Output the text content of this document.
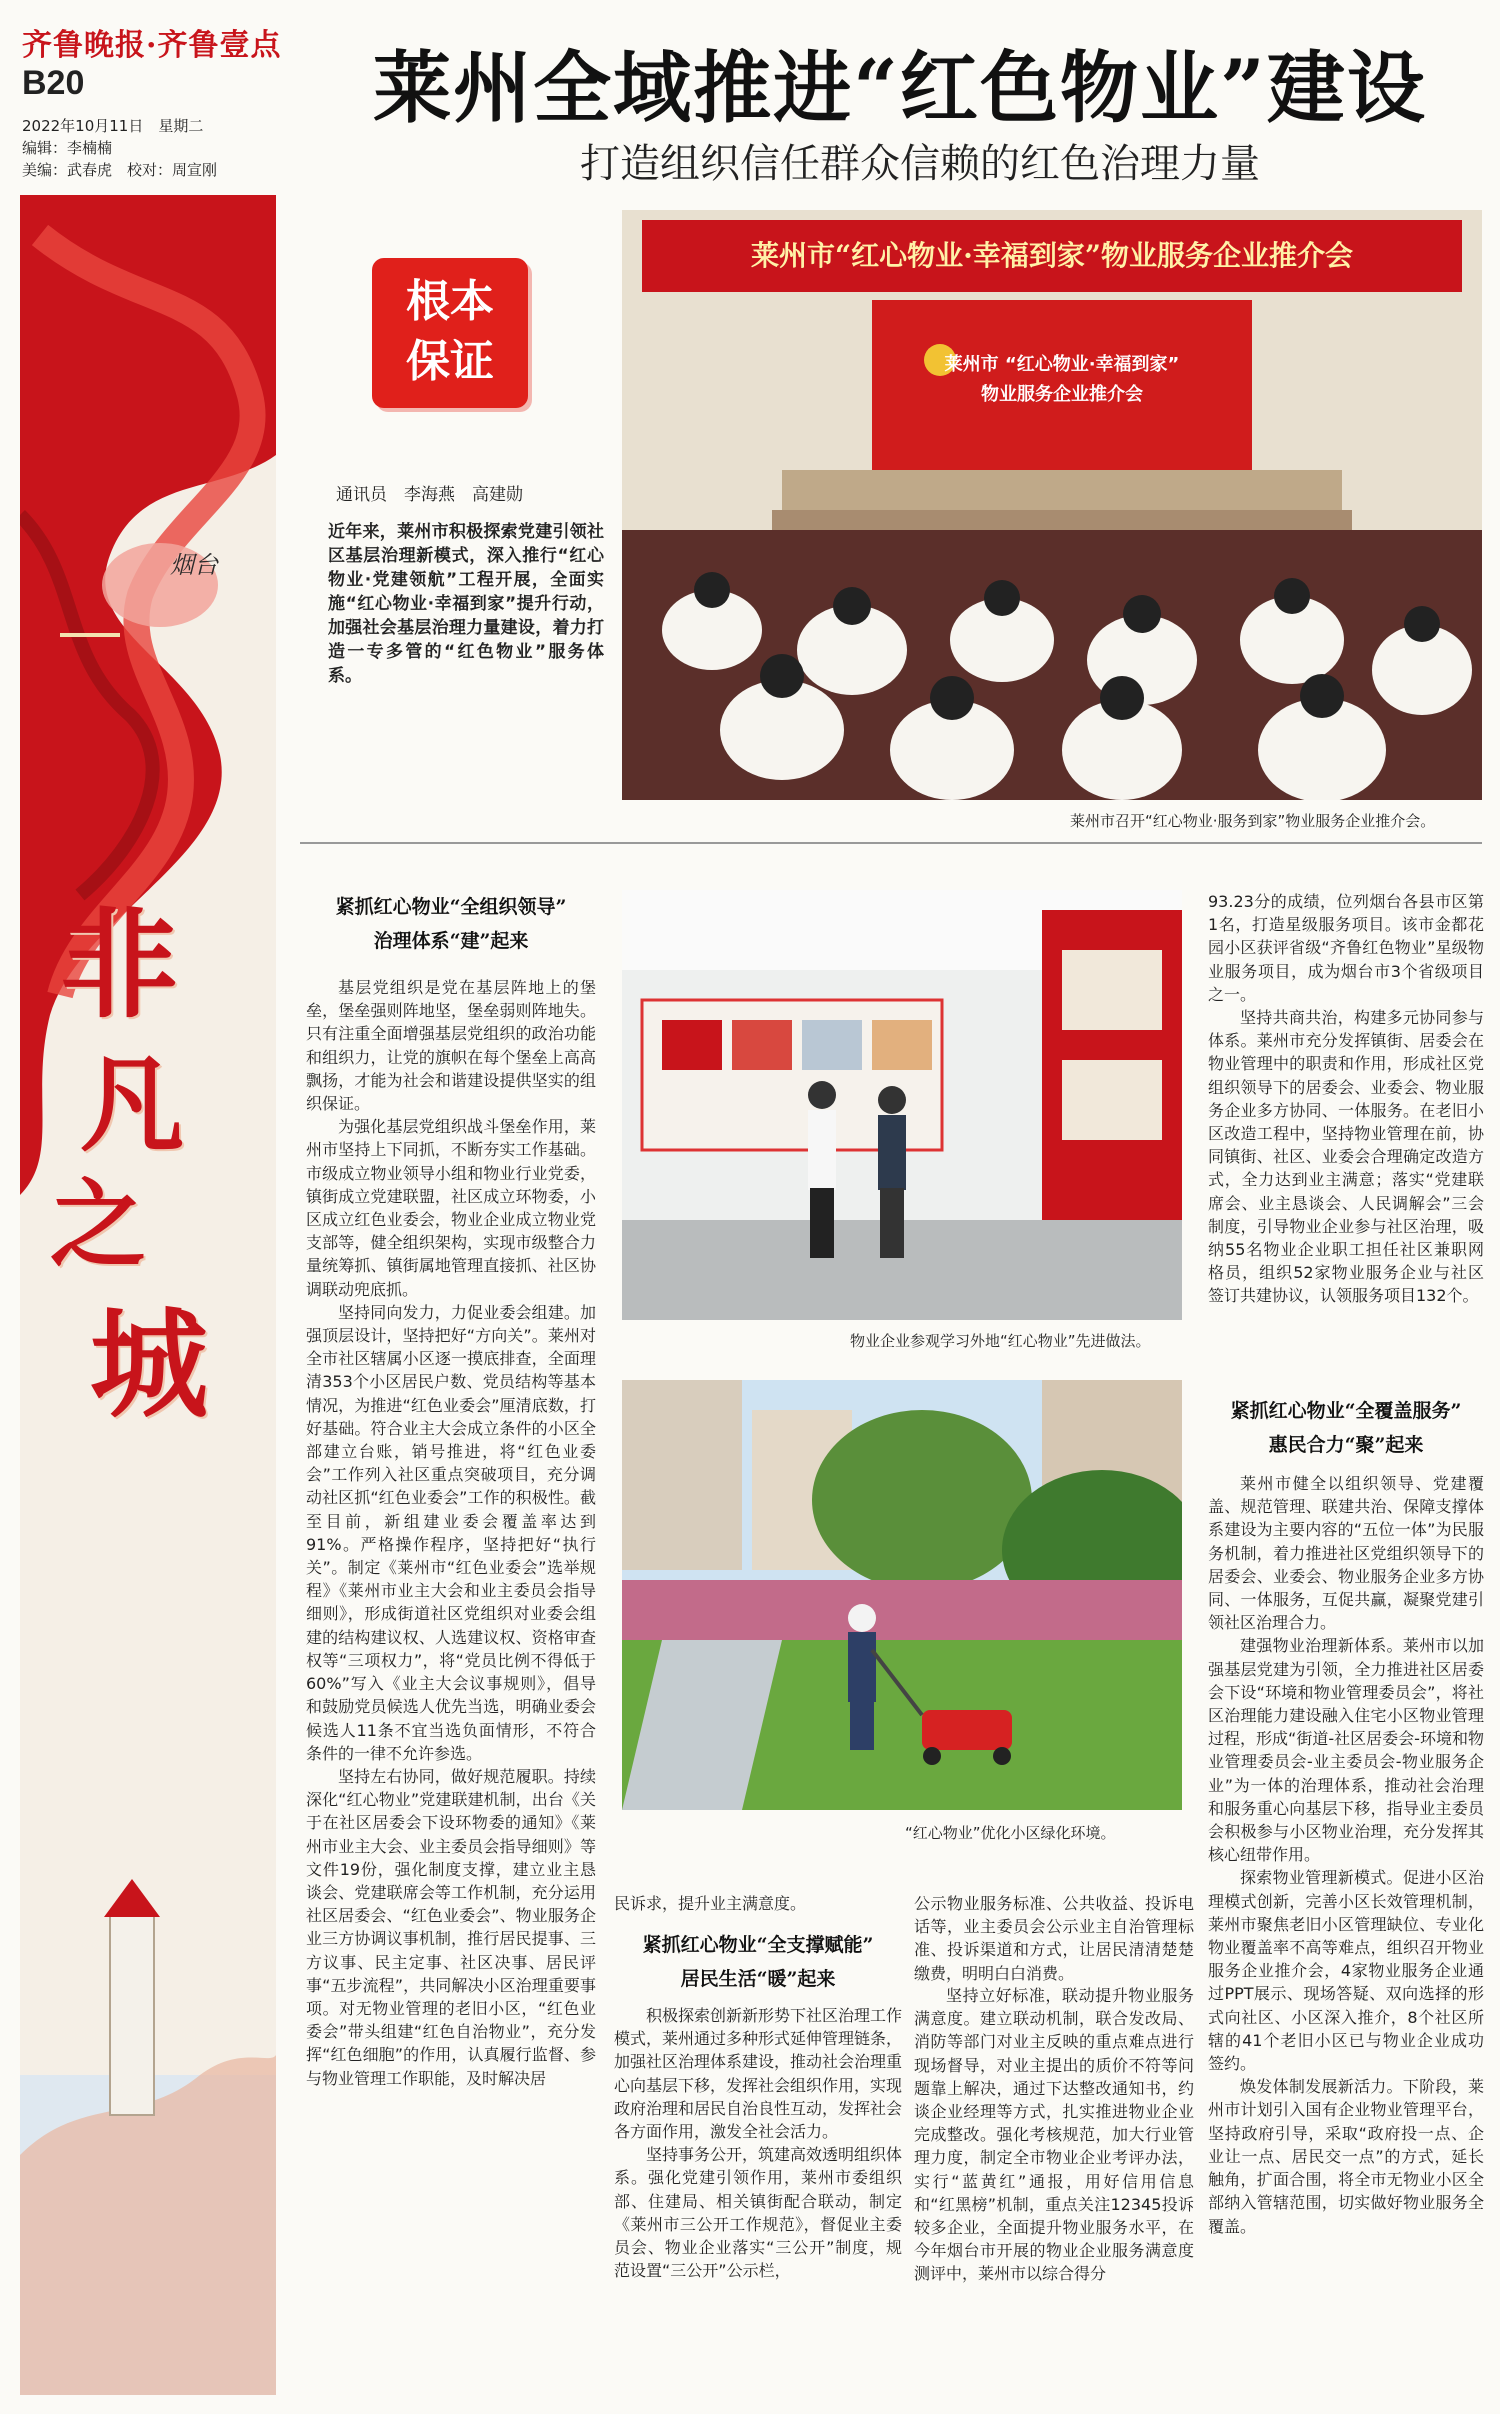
齐鲁晚报·齐鲁壹点
B20
2022年10月11日　星期二
编辑：李楠楠
美编：武春虎　校对：周宣刚
莱州全域推进“红色物业”建设
打造组织信任群众信赖的红色治理力量
烟台
非
凡
之
城
根本
保证
通讯员　李海燕　高建勋
近年来，莱州市积极探索党建引领社区基层治理新模式，深入推行“红心物业·党建领航”工程开展，全面实施“红心物业·幸福到家”提升行动，加强社会基层治理力量建设，着力打造一专多管的“红色物业”服务体系。
莱州市“红心物业·幸福到家”物业服务企业推介会
莱州市 “红心物业·幸福到家”
物业服务企业推介会
莱州市召开“红心物业·服务到家”物业服务企业推介会。
物业企业参观学习外地“红心物业”先进做法。
“红心物业”优化小区绿化环境。
紧抓红心物业“全组织领导”
治理体系“建”起来

基层党组织是党在基层阵地上的堡垒，堡垒强则阵地坚，堡垒弱则阵地失。只有注重全面增强基层党组织的政治功能和组织力，让党的旗帜在每个堡垒上高高飘扬，才能为社会和谐建设提供坚实的组织保证。

为强化基层党组织战斗堡垒作用，莱州市坚持上下同抓，不断夯实工作基础。市级成立物业领导小组和物业行业党委，镇街成立党建联盟，社区成立环物委，小区成立红色业委会，物业企业成立物业党支部等，健全组织架构，实现市级整合力量统筹抓、镇街属地管理直接抓、社区协调联动兜底抓。

坚持同向发力，力促业委会组建。加强顶层设计，坚持把好“方向关”。莱州对全市社区辖属小区逐一摸底排查，全面理清353个小区居民户数、党员结构等基本情况，为推进“红色业委会”厘清底数，打好基础。符合业主大会成立条件的小区全部建立台账，销号推进，将“红色业委会”工作列入社区重点突破项目，充分调动社区抓“红色业委会”工作的积极性。截至目前，新组建业委会覆盖率达到91%。严格操作程序，坚持把好“执行关”。制定《莱州市“红色业委会”选举规程》《莱州市业主大会和业主委员会指导细则》，形成街道社区党组织对业委会组建的结构建议权、人选建议权、资格审查权等“三项权力”，将“党员比例不得低于60%”写入《业主大会议事规则》，倡导和鼓励党员候选人优先当选，明确业委会候选人11条不宜当选负面情形，不符合条件的一律不允许参选。

坚持左右协同，做好规范履职。持续深化“红心物业”党建联建机制，出台《关于在社区居委会下设环物委的通知》《莱州市业主大会、业主委员会指导细则》等文件19份，强化制度支撑，建立业主恳谈会、党建联席会等工作机制，充分运用社区居委会、“红色业委会”、物业服务企业三方协调议事机制，推行居民提事、三方议事、民主定事、社区决事、居民评事“五步流程”，共同解决小区治理重要事项。对无物业管理的老旧小区，“红色业委会”带头组建“红色自治物业”，充分发挥“红色细胞”的作用，认真履行监督、参与物业管理工作职能，及时解决居

民诉求，提升业主满意度。
紧抓红心物业“全支撑赋能”
居民生活“暖”起来

积极探索创新新形势下社区治理工作模式，莱州通过多种形式延伸管理链条，加强社区治理体系建设，推动社会治理重心向基层下移，发挥社会组织作用，实现政府治理和居民自治良性互动，发挥社会各方面作用，激发全社会活力。

坚持事务公开，筑建高效透明组织体系。强化党建引领作用，莱州市委组织部、住建局、相关镇街配合联动，制定《莱州市三公开工作规范》，督促业主委员会、物业企业落实“三公开”制度，规范设置“三公开”公示栏，

公示物业服务标准、公共收益、投诉电话等，业主委员会公示业主自治管理标准、投诉渠道和方式，让居民清清楚楚缴费，明明白白消费。

坚持立好标准，联动提升物业服务满意度。建立联动机制，联合发改局、消防等部门对业主反映的重点难点进行现场督导，对业主提出的质价不符等问题靠上解决，通过下达整改通知书，约谈企业经理等方式，扎实推进物业企业完成整改。强化考核规范，加大行业管理力度，制定全市物业企业考评办法，实行“蓝黄红”通报，用好信用信息和“红黑榜”机制，重点关注12345投诉较多企业，全面提升物业服务水平，在今年烟台市开展的物业企业服务满意度测评中，莱州市以综合得分

93.23分的成绩，位列烟台各县市区第1名，打造星级服务项目。该市金都花园小区获评省级“齐鲁红色物业”星级物业服务项目，成为烟台市3个省级项目之一。

坚持共商共治，构建多元协同参与体系。莱州市充分发挥镇街、居委会在物业管理中的职责和作用，形成社区党组织领导下的居委会、业委会、物业服务企业多方协同、一体服务。在老旧小区改造工程中，坚持物业管理在前，协同镇街、社区、业委会合理确定改造方式，全力达到业主满意；落实“党建联席会、业主恳谈会、人民调解会”三会制度，引导物业企业参与社区治理，吸纳55名物业企业职工担任社区兼职网格员，组织52家物业服务企业与社区签订共建协议，认领服务项目132个。

紧抓红心物业“全覆盖服务”
惠民合力“聚”起来

莱州市健全以组织领导、党建覆盖、规范管理、联建共治、保障支撑体系建设为主要内容的“五位一体”为民服务机制，着力推进社区党组织领导下的居委会、业委会、物业服务企业多方协同、一体服务，互促共赢，凝聚党建引领社区治理合力。

建强物业治理新体系。莱州市以加强基层党建为引领，全力推进社区居委会下设“环境和物业管理委员会”，将社区治理能力建设融入住宅小区物业管理过程，形成“街道-社区居委会-环境和物业管理委员会-业主委员会-物业服务企业”为一体的治理体系，推动社会治理和服务重心向基层下移，指导业主委员会积极参与小区物业治理，充分发挥其核心纽带作用。

探索物业管理新模式。促进小区治理模式创新，完善小区长效管理机制，莱州市聚焦老旧小区管理缺位、专业化物业覆盖率不高等难点，组织召开物业服务企业推介会，4家物业服务企业通过PPT展示、现场答疑、双向选择的形式向社区、小区深入推介，8个社区所辖的41个老旧小区已与物业企业成功签约。

焕发体制发展新活力。下阶段，莱州市计划引入国有企业物业管理平台，坚持政府引导，采取“政府投一点、企业让一点、居民交一点”的方式，延长触角，扩面合围，将全市无物业小区全部纳入管辖范围，切实做好物业服务全覆盖。
